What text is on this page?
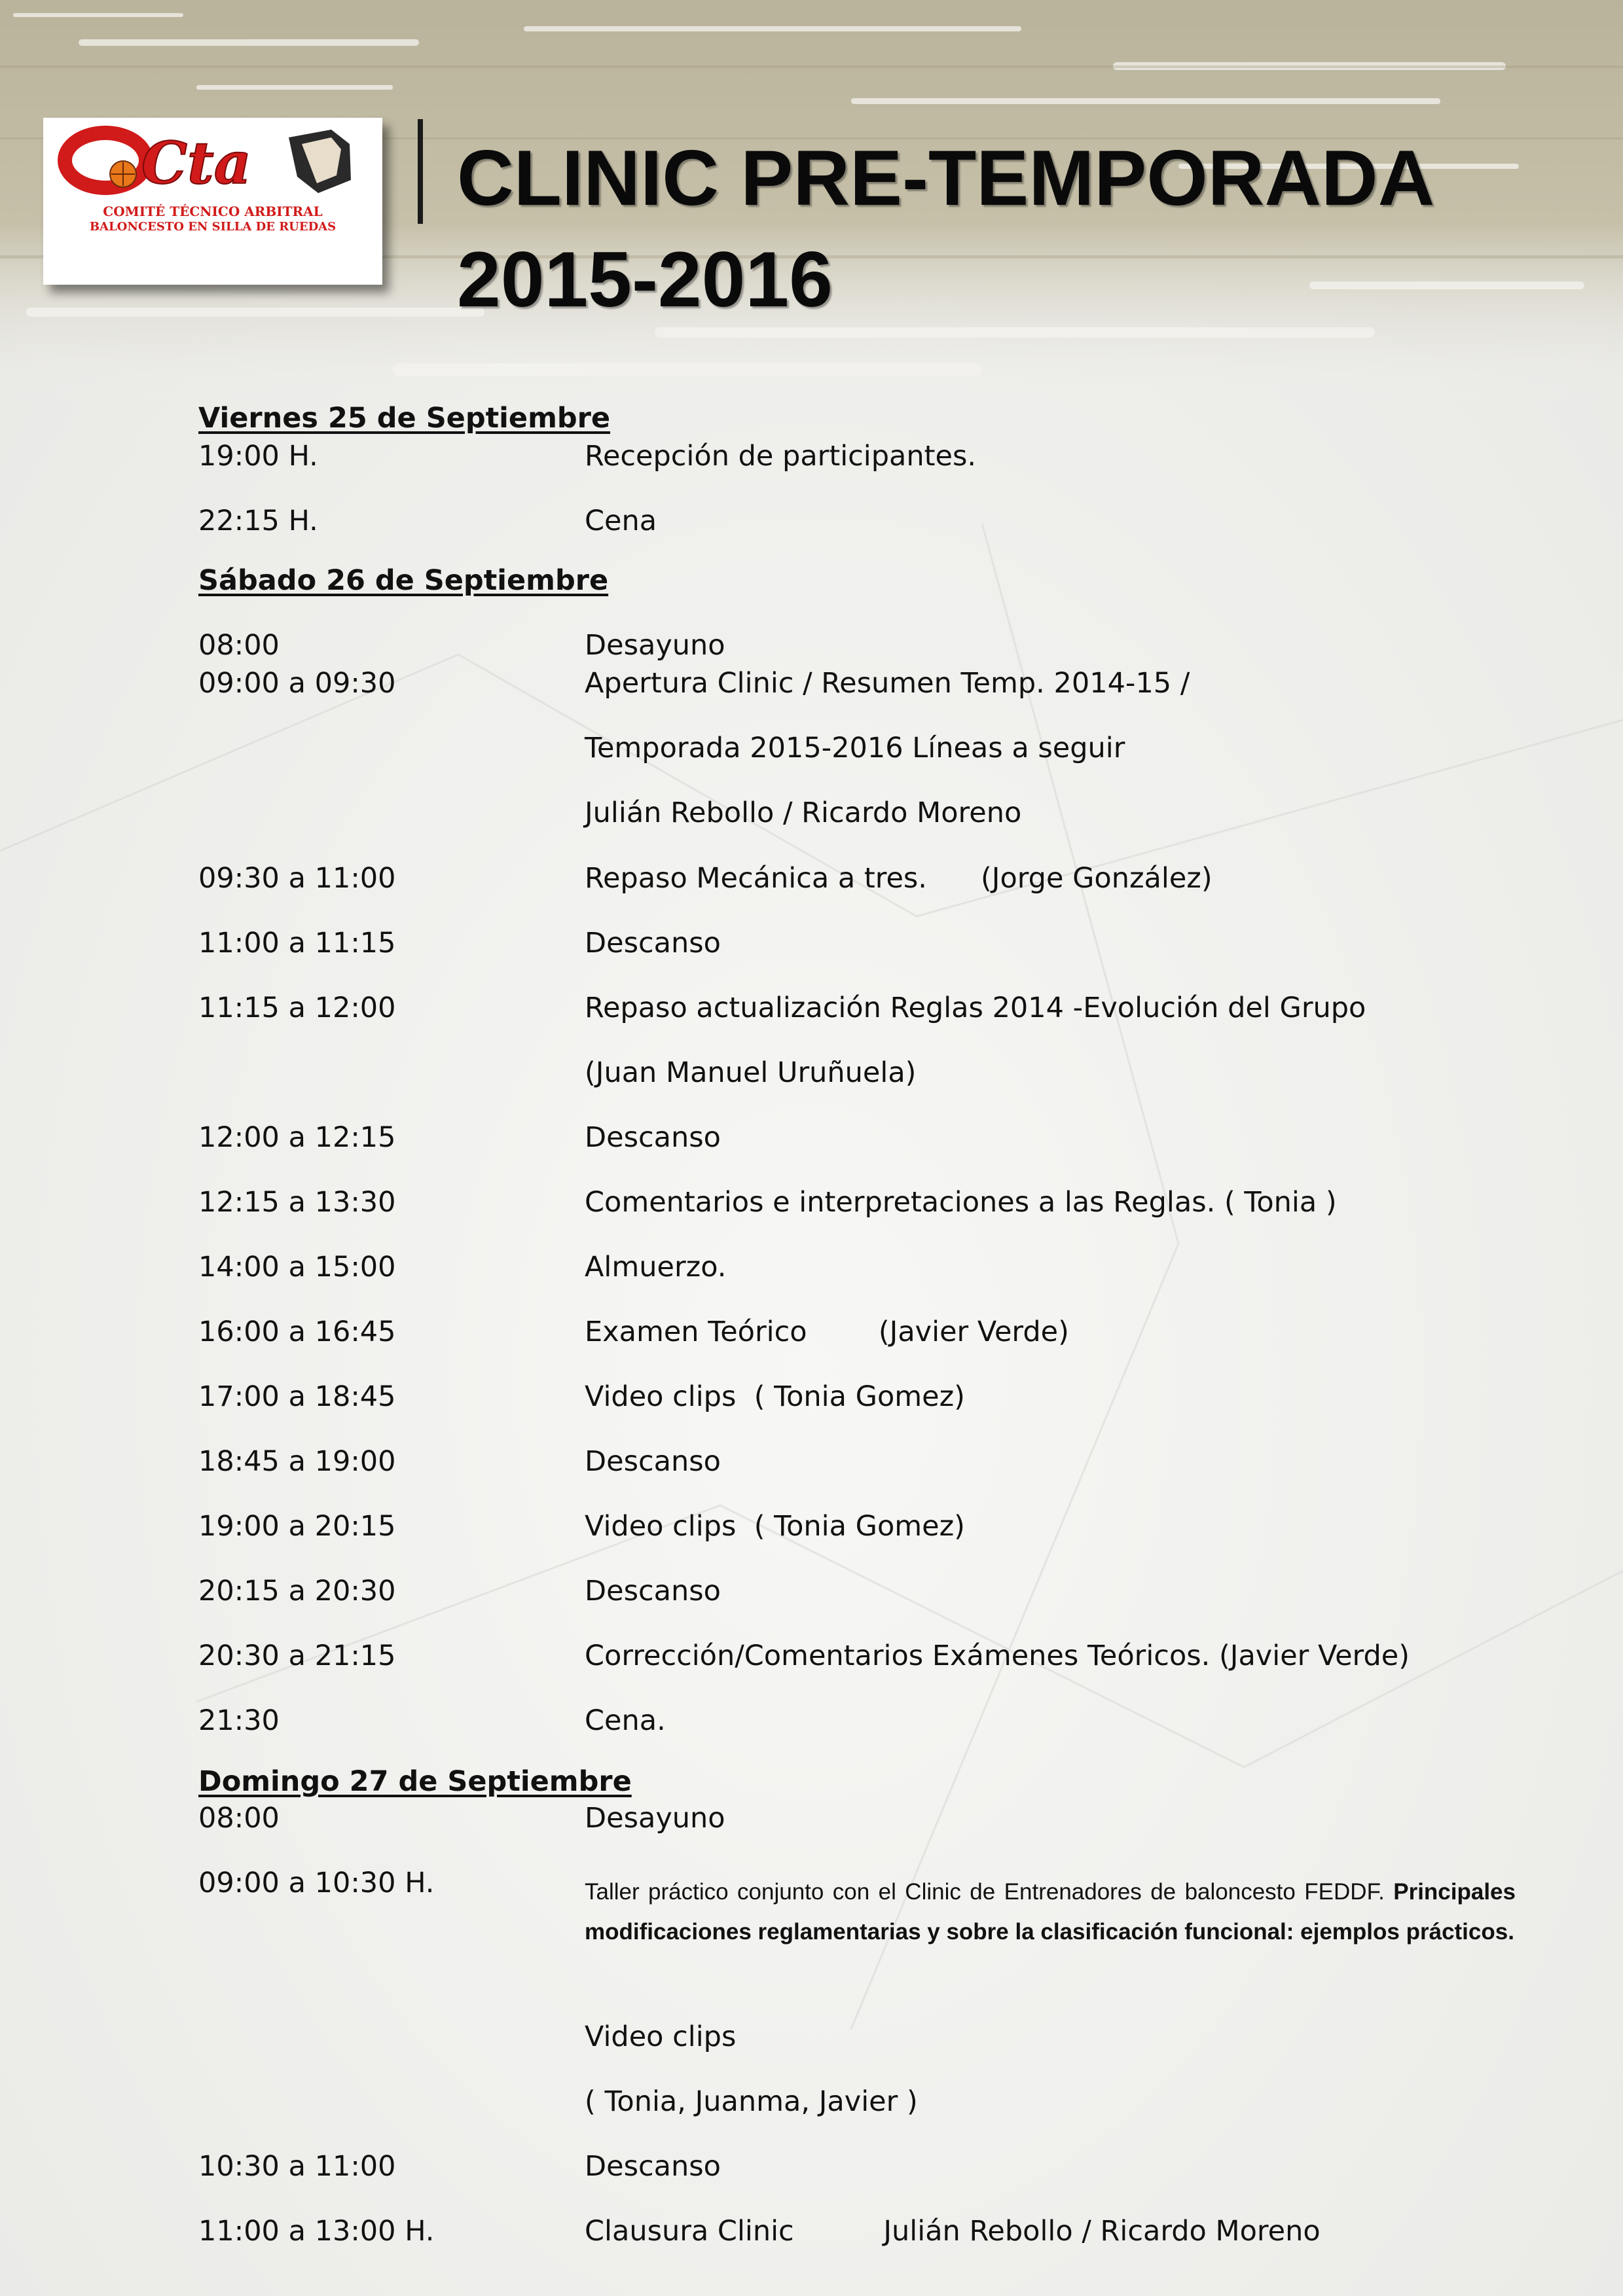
Cta
COMITÉ TÉCNICO ARBITRAL
BALONCESTO EN SILLA DE RUEDAS
CLINIC PRE-TEMPORADA
2015-2016
Viernes 25 de Septiembre
19:00 H.	Recepción de participantes.
22:15 H.	Cena
Sábado 26 de Septiembre
08:00	Desayuno
09:00 a 09:30	Apertura Clinic / Resumen Temp. 2014-15 /
Temporada 2015-2016 Líneas a seguir
Julián Rebollo / Ricardo Moreno
09:30 a 11:00	Repaso Mecánica a tres.      (Jorge González)
11:00 a 11:15	Descanso
11:15 a 12:00	Repaso actualización Reglas 2014 -Evolución del Grupo
(Juan Manuel Uruñuela)
12:00 a 12:15	Descanso
12:15 a 13:30	Comentarios e interpretaciones a las Reglas. ( Tonia )
14:00 a 15:00	Almuerzo.
16:00 a 16:45	Examen Teórico        (Javier Verde)
17:00 a 18:45	Video clips  ( Tonia Gomez)
18:45 a 19:00	Descanso
19:00 a 20:15	Video clips  ( Tonia Gomez)
20:15 a 20:30	Descanso
20:30 a 21:15	Corrección/Comentarios Exámenes Teóricos. (Javier Verde)
21:30	Cena.
Domingo 27 de Septiembre
08:00	Desayuno
09:00 a 10:30 H.	Taller práctico conjunto con el Clinic de Entrenadores de baloncesto FEDDF. Principales modificaciones reglamentarias y sobre la clasificación funcional: ejemplos prácticos.
Video clips
( Tonia, Juanma, Javier )
10:30 a 11:00	Descanso
11:00 a 13:00 H.	Clausura Clinic          Julián Rebollo / Ricardo Moreno
